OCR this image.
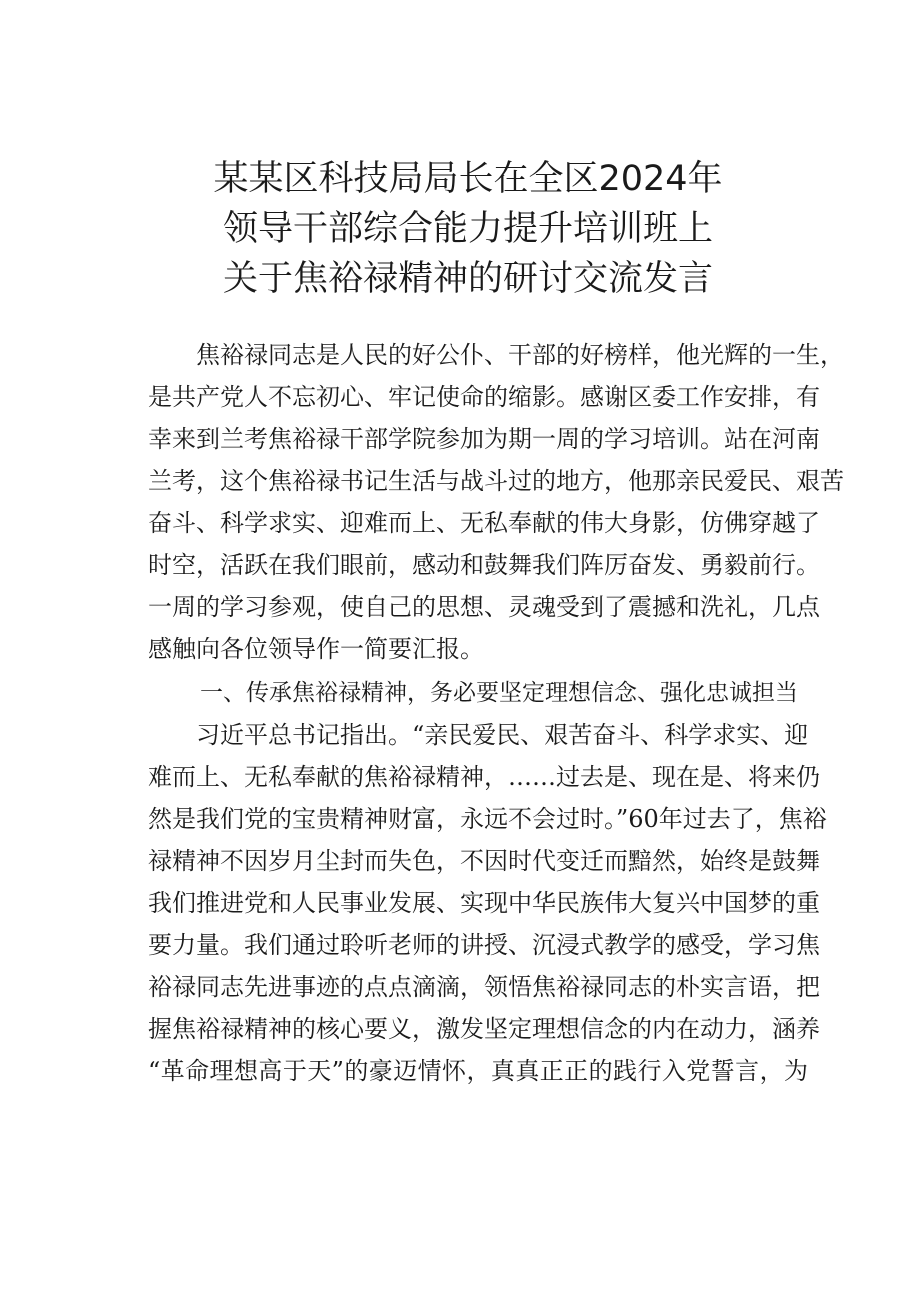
某某区科技局局长在全区2024年
领导干部综合能力提升培训班上
关于焦裕禄精神的研讨交流发言
焦裕禄同志是人民的好公仆、干部的好榜样，他光辉的一生，
是共产党人不忘初心、牢记使命的缩影。感谢区委工作安排，有
幸来到兰考焦裕禄干部学院参加为期一周的学习培训。站在河南
兰考，这个焦裕禄书记生活与战斗过的地方，他那亲民爱民、艰苦
奋斗、科学求实、迎难而上、无私奉献的伟大身影，仿佛穿越了
时空，活跃在我们眼前，感动和鼓舞我们阵厉奋发、勇毅前行。
一周的学习参观，使自己的思想、灵魂受到了震撼和洗礼，几点
感触向各位领导作一简要汇报。
一、传承焦裕禄精神，务必要坚定理想信念、强化忠诚担当
习近平总书记指出。“亲民爱民、艰苦奋斗、科学求实、迎
难而上、无私奉献的焦裕禄精神，……过去是、现在是、将来仍
然是我们党的宝贵精神财富，永远不会过时。”60年过去了，焦裕
禄精神不因岁月尘封而失色，不因时代变迁而黯然，始终是鼓舞
我们推进党和人民事业发展、实现中华民族伟大复兴中国梦的重
要力量。我们通过聆听老师的讲授、沉浸式教学的感受，学习焦
裕禄同志先进事迹的点点滴滴，领悟焦裕禄同志的朴实言语，把
握焦裕禄精神的核心要义，激发坚定理想信念的内在动力，涵养
“革命理想高于天”的豪迈情怀，真真正正的践行入党誓言，为
